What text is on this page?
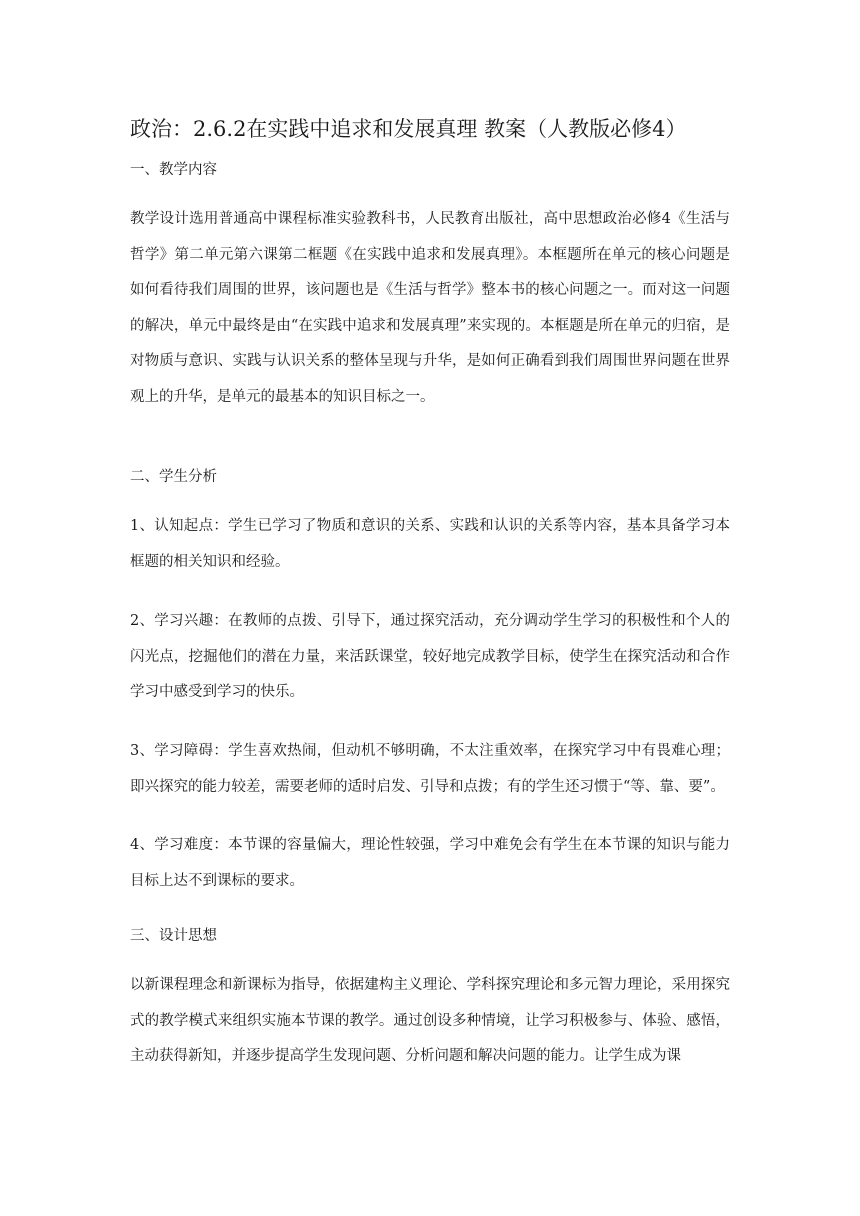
政治：2.6.2在实践中追求和发展真理 教案（人教版必修4）
一、教学内容
教学设计选用普通高中课程标准实验教科书，人民教育出版社，高中思想政治必修4《生活与哲学》第二单元第六课第二框题《在实践中追求和发展真理》。本框题所在单元的核心问题是如何看待我们周围的世界，该问题也是《生活与哲学》整本书的核心问题之一。而对这一问题的解决，单元中最终是由“在实践中追求和发展真理”来实现的。本框题是所在单元的归宿，是对物质与意识、实践与认识关系的整体呈现与升华，是如何正确看到我们周围世界问题在世界观上的升华，是单元的最基本的知识目标之一。
二、学生分析
1、认知起点：学生已学习了物质和意识的关系、实践和认识的关系等内容，基本具备学习本框题的相关知识和经验。
2、学习兴趣：在教师的点拨、引导下，通过探究活动，充分调动学生学习的积极性和个人的闪光点，挖掘他们的潜在力量，来活跃课堂，较好地完成教学目标，使学生在探究活动和合作学习中感受到学习的快乐。
3、学习障碍：学生喜欢热闹，但动机不够明确，不太注重效率，在探究学习中有畏难心理；即兴探究的能力较差，需要老师的适时启发、引导和点拨；有的学生还习惯于“等、靠、要”。
4、学习难度：本节课的容量偏大，理论性较强，学习中难免会有学生在本节课的知识与能力目标上达不到课标的要求。
三、设计思想
以新课程理念和新课标为指导，依据建构主义理论、学科探究理论和多元智力理论，采用探究式的教学模式来组织实施本节课的教学。通过创设多种情境，让学习积极参与、体验、感悟，主动获得新知，并逐步提高学生发现问题、分析问题和解决问题的能力。让学生成为课
